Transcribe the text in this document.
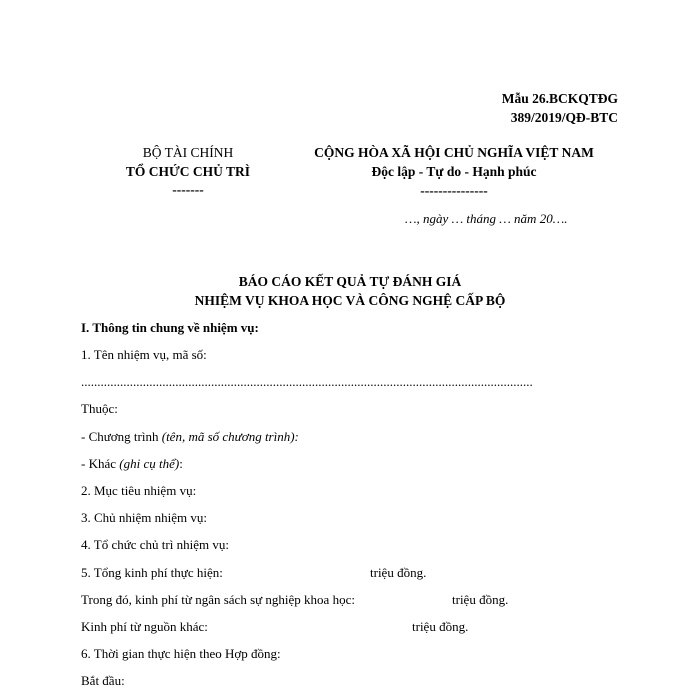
Mẫu 26.BCKQTĐG
389/2019/QĐ-BTC
BỘ TÀI CHÍNH
TỔ CHỨC CHỦ TRÌ
-------
CỘNG HÒA XÃ HỘI CHỦ NGHĨA VIỆT NAM
Độc lập - Tự do - Hạnh phúc
---------------
…, ngày … tháng … năm 20….
BÁO CÁO KẾT QUẢ TỰ ĐÁNH GIÁ
NHIỆM VỤ KHOA HỌC VÀ CÔNG NGHỆ CẤP BỘ
I. Thông tin chung về nhiệm vụ:
1. Tên nhiệm vụ, mã số:
...........................................................................................................................................
Thuộc:
- Chương trình (tên, mã số chương trình):
- Khác (ghi cụ thể):
2. Mục tiêu nhiệm vụ:
3. Chủ nhiệm nhiệm vụ:
4. Tổ chức chủ trì nhiệm vụ:
5. Tổng kinh phí thực hiện:	triệu đồng.
Trong đó, kinh phí từ ngân sách sự nghiệp khoa học:	triệu đồng.
Kinh phí từ nguồn khác:	triệu đồng.
6. Thời gian thực hiện theo Hợp đồng:
Bắt đầu:
